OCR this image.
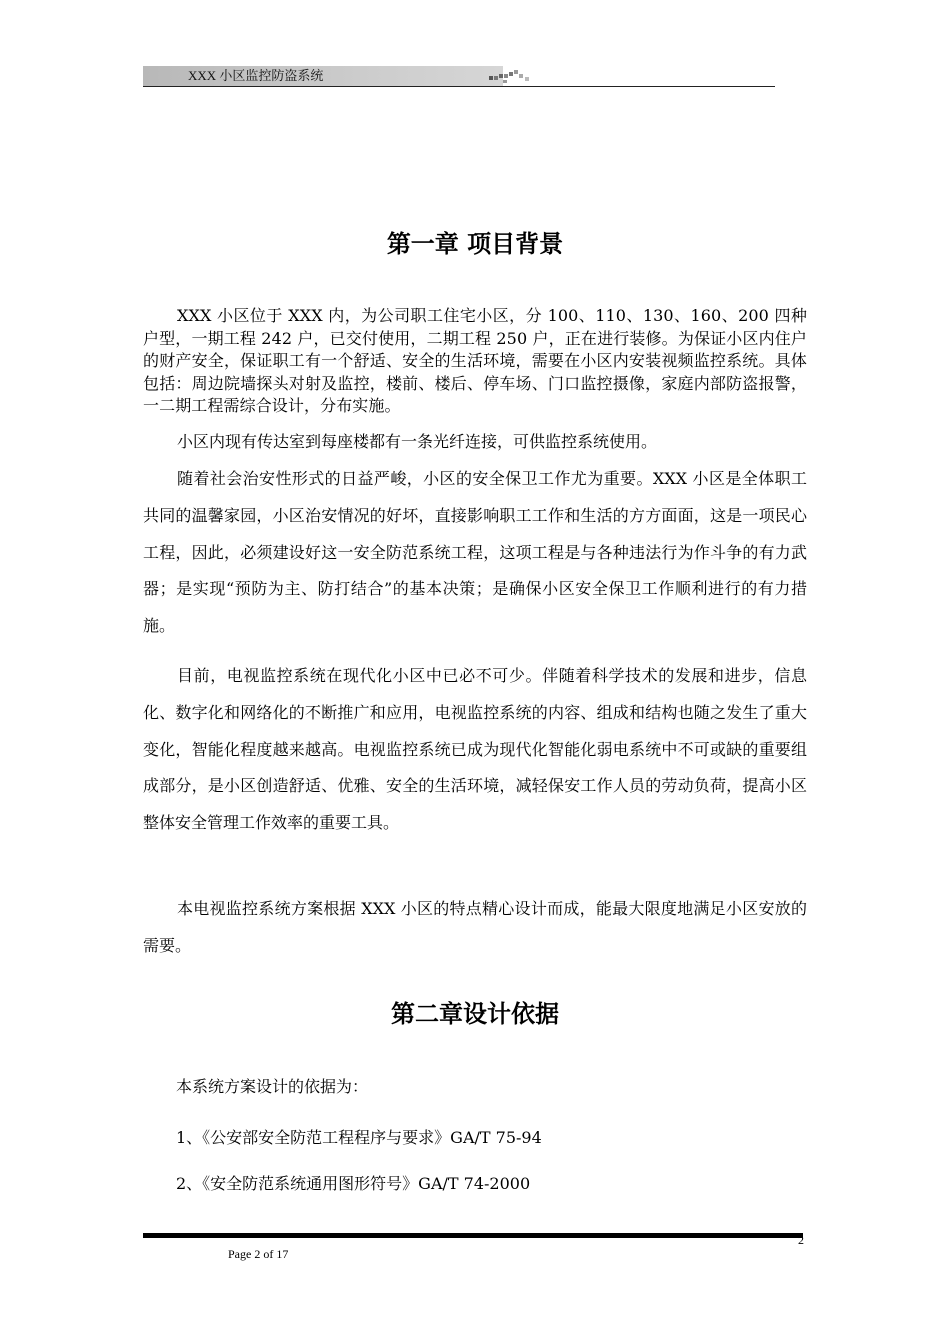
XXX 小区监控防盗系统
第一章 项目背景

XXX 小区位于 XXX 内，为公司职工住宅小区，分 100、110、130、160、200 四种户型，一期工程 242 户，已交付使用，二期工程 250 户，正在进行装修。为保证小区内住户的财产安全，保证职工有一个舒适、安全的生活环境，需要在小区内安装视频监控系统。具体包括：周边院墙探头对射及监控，楼前、楼后、停车场、门口监控摄像，家庭内部防盗报警，一二期工程需综合设计，分布实施。

小区内现有传达室到每座楼都有一条光纤连接，可供监控系统使用。

随着社会治安性形式的日益严峻，小区的安全保卫工作尤为重要。XXX 小区是全体职工共同的温馨家园，小区治安情况的好坏，直接影响职工工作和生活的方方面面，这是一项民心工程，因此，必须建设好这一安全防范系统工程，这项工程是与各种违法行为作斗争的有力武器；是实现“预防为主、防打结合”的基本决策；是确保小区安全保卫工作顺利进行的有力措施。

目前，电视监控系统在现代化小区中已必不可少。伴随着科学技术的发展和进步，信息化、数字化和网络化的不断推广和应用，电视监控系统的内容、组成和结构也随之发生了重大变化，智能化程度越来越高。电视监控系统已成为现代化智能化弱电系统中不可或缺的重要组成部分，是小区创造舒适、优雅、安全的生活环境，减轻保安工作人员的劳动负荷，提高小区整体安全管理工作效率的重要工具。

本电视监控系统方案根据 XXX 小区的特点精心设计而成，能最大限度地满足小区安放的需要。

第二章设计依据
本系统方案设计的依据为：
1、《公安部安全防范工程程序与要求》GA/T 75-94
2、《安全防范系统通用图形符号》GA/T 74-2000
Page 2 of 17
2
